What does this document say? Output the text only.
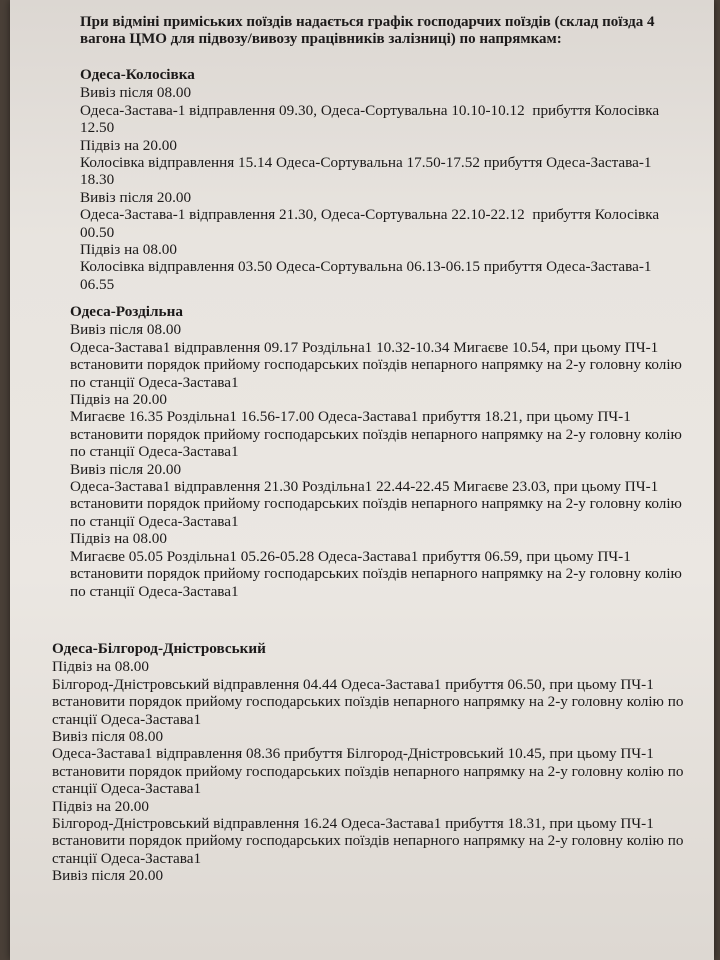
При відміні приміських поїздів надається графік господарчих поїздів (склад поїзда 4 вагона ЦМО для підвозу/вивозу працівників залізниці) по напрямкам:
Одеса-Колосівка
Вивіз після 08.00
Одеса-Застава-1 відправлення 09.30, Одеса-Сортувальна 10.10-10.12  прибуття Колосівка 12.50
Підвіз на 20.00
Колосівка відправлення 15.14 Одеса-Сортувальна 17.50-17.52 прибуття Одеса-Застава-1 18.30
Вивіз після 20.00
Одеса-Застава-1 відправлення 21.30, Одеса-Сортувальна 22.10-22.12  прибуття Колосівка 00.50
Підвіз на 08.00
Колосівка відправлення 03.50 Одеса-Сортувальна 06.13-06.15 прибуття Одеса-Застава-1 06.55
Одеса-Роздільна
Вивіз після 08.00
Одеса-Застава1 відправлення 09.17 Роздільна1 10.32-10.34 Мигаєве 10.54, при цьому ПЧ-1 встановити порядок прийому господарських поїздів непарного напрямку на 2-у головну колію по станції Одеса-Застава1
Підвіз на 20.00
Мигаєве 16.35 Роздільна1 16.56-17.00 Одеса-Застава1 прибуття 18.21, при цьому ПЧ-1 встановити порядок прийому господарських поїздів непарного напрямку на 2-у головну колію по станції Одеса-Застава1
Вивіз після 20.00
Одеса-Застава1 відправлення 21.30 Роздільна1 22.44-22.45 Мигаєве 23.03, при цьому ПЧ-1 встановити порядок прийому господарських поїздів непарного напрямку на 2-у головну колію по станції Одеса-Застава1
Підвіз на 08.00
Мигаєве 05.05 Роздільна1 05.26-05.28 Одеса-Застава1 прибуття 06.59, при цьому ПЧ-1 встановити порядок прийому господарських поїздів непарного напрямку на 2-у головну колію по станції Одеса-Застава1
Одеса-Білгород-Дністровський
Підвіз на 08.00
Білгород-Дністровський відправлення 04.44 Одеса-Застава1 прибуття 06.50, при цьому ПЧ-1 встановити порядок прийому господарських поїздів непарного напрямку на 2-у головну колію по станції Одеса-Застава1
Вивіз після 08.00
Одеса-Застава1 відправлення 08.36 прибуття Білгород-Дністровський 10.45, при цьому ПЧ-1 встановити порядок прийому господарських поїздів непарного напрямку на 2-у головну колію по станції Одеса-Застава1
Підвіз на 20.00
Білгород-Дністровський відправлення 16.24 Одеса-Застава1 прибуття 18.31, при цьому ПЧ-1 встановити порядок прийому господарських поїздів непарного напрямку на 2-у головну колію по станції Одеса-Застава1
Вивіз після 20.00
